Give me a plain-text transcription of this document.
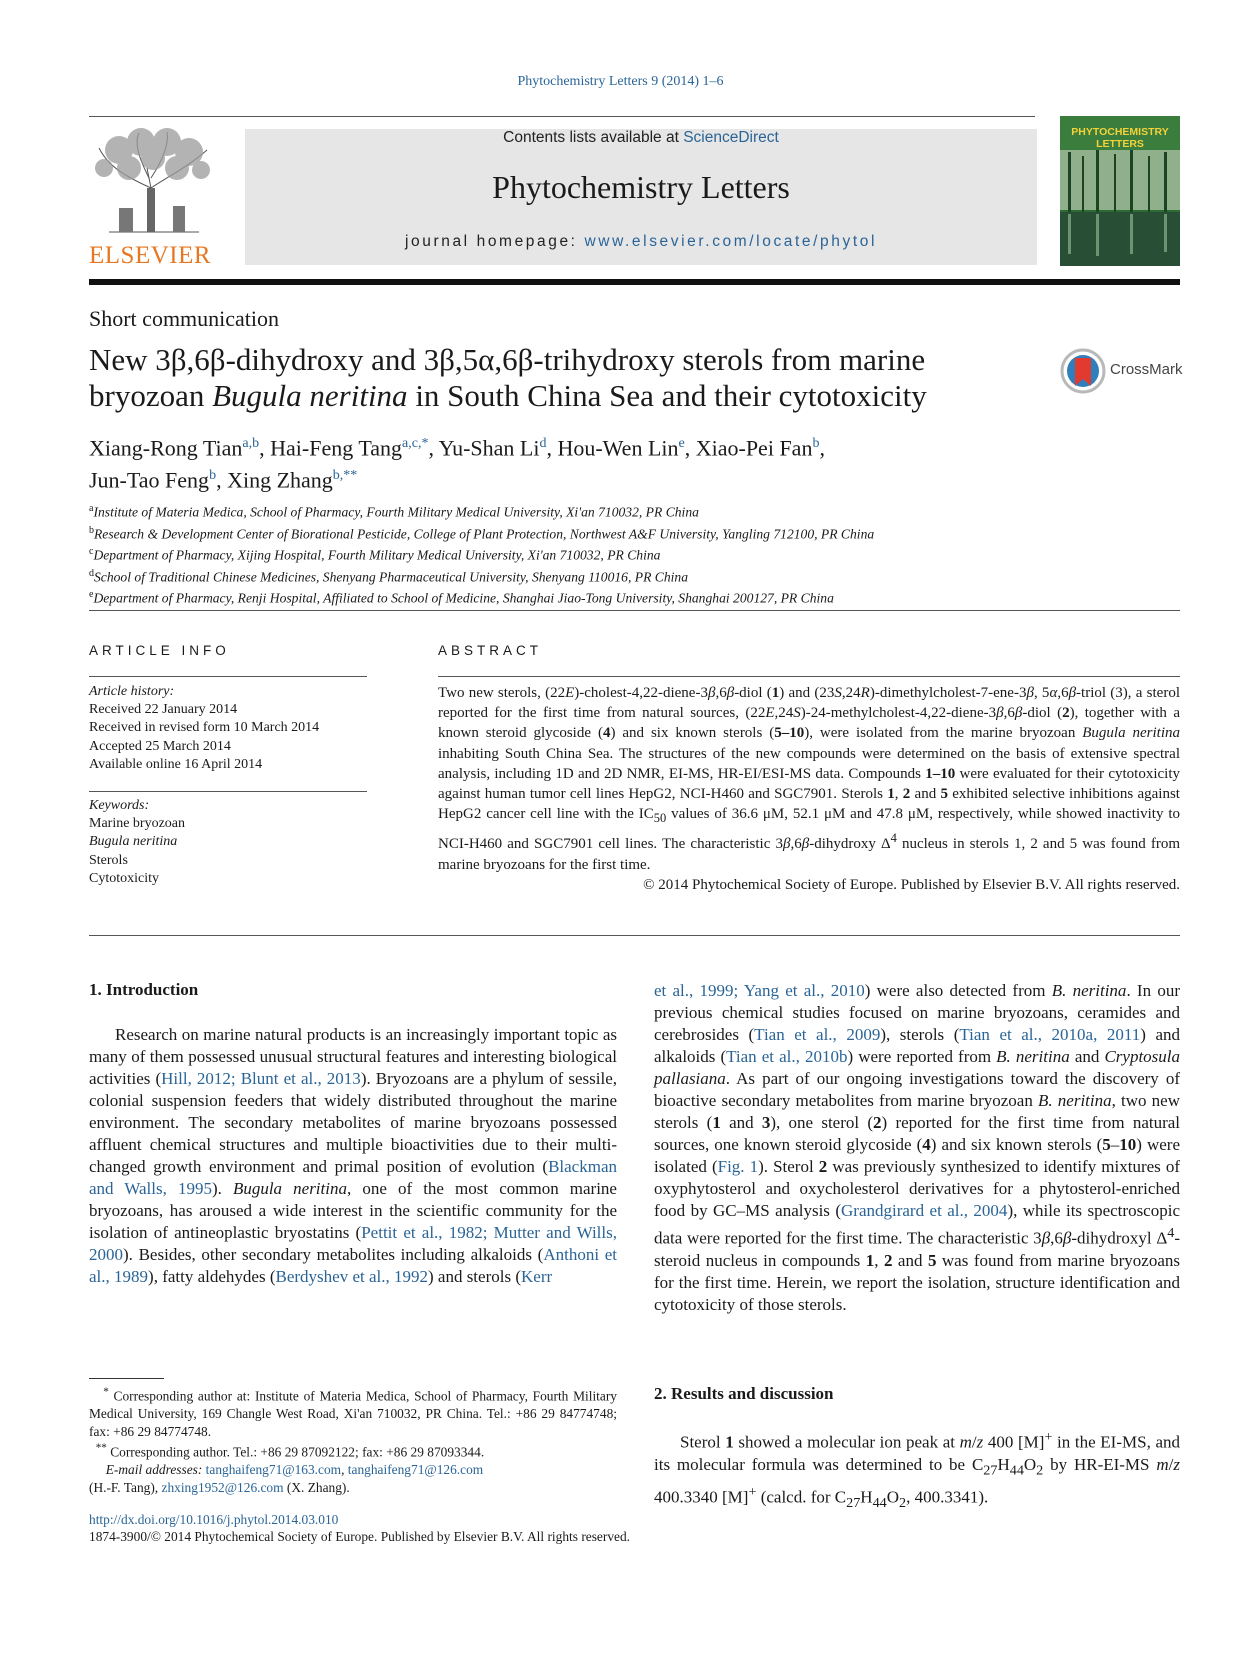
Phytochemistry Letters 9 (2014) 1–6
ELSEVIER
Contents lists available at ScienceDirect
Phytochemistry Letters
journal homepage: www.elsevier.com/locate/phytol
PHYTOCHEMISTRY LETTERS
Short communication
New 3β,6β-dihydroxy and 3β,5α,6β-trihydroxy sterols from marine
bryozoan Bugula neritina in South China Sea and their cytotoxicity
CrossMark
Xiang-Rong Tian$^{a,b}$, Hai-Feng Tang$^{a,c,*}$, Yu-Shan Li$^d$, Hou-Wen Lin$^e$, Xiao-Pei Fan$^b$,
Jun-Tao Feng$^b$, Xing Zhang$^{b,**}$
$^a$Institute of Materia Medica, School of Pharmacy, Fourth Military Medical University, Xi'an 710032, PR China
$^b$Research & Development Center of Biorational Pesticide, College of Plant Protection, Northwest A&F University, Yangling 712100, PR China
$^c$Department of Pharmacy, Xijing Hospital, Fourth Military Medical University, Xi'an 710032, PR China
$^d$School of Traditional Chinese Medicines, Shenyang Pharmaceutical University, Shenyang 110016, PR China
$^e$Department of Pharmacy, Renji Hospital, Affiliated to School of Medicine, Shanghai Jiao-Tong University, Shanghai 200127, PR China
ARTICLE INFO	ABSTRACT
Article history:
Received 22 January 2014
Received in revised form 10 March 2014
Accepted 25 March 2014
Available online 16 April 2014
Keywords:
Marine bryozoan
Bugula neritina
Sterols
Cytotoxicity
Two new sterols, (22E)-cholest-4,22-diene-3β,6β-diol (1) and (23S,24R)-dimethylcholest-7-ene-3β, 5α,6β-triol (3), a sterol reported for the first time from natural sources, (22E,24S)-24-methylcholest-4,22-diene-3β,6β-diol (2), together with a known steroid glycoside (4) and six known sterols (5–10), were isolated from the marine bryozoan Bugula neritina inhabiting South China Sea. The structures of the new compounds were determined on the basis of extensive spectral analysis, including 1D and 2D NMR, EI-MS, HR-EI/ESI-MS data. Compounds 1–10 were evaluated for their cytotoxicity against human tumor cell lines HepG2, NCI-H460 and SGC7901. Sterols 1, 2 and 5 exhibited selective inhibitions against HepG2 cancer cell line with the $IC_{50}$ values of 36.6 μM, 52.1 μM and 47.8 μM, respectively, while showed inactivity to NCI-H460 and SGC7901 cell lines. The characteristic 3β,6β-dihydroxy $\Delta^4$ nucleus in sterols 1, 2 and 5 was found from marine bryozoans for the first time.
© 2014 Phytochemical Society of Europe. Published by Elsevier B.V. All rights reserved.
1. Introduction

Research on marine natural products is an increasingly important topic as many of them possessed unusual structural features and interesting biological activities (Hill, 2012; Blunt et al., 2013). Bryozoans are a phylum of sessile, colonial suspension feeders that widely distributed throughout the marine environment. The secondary metabolites of marine bryozoans possessed affluent chemical structures and multiple bioactivities due to their multi-changed growth environment and primal position of evolution (Blackman and Walls, 1995). Bugula neritina, one of the most common marine bryozoans, has aroused a wide interest in the scientific community for the isolation of antineoplastic bryostatins (Pettit et al., 1982; Mutter and Wills, 2000). Besides, other secondary metabolites including alkaloids (Anthoni et al., 1989), fatty aldehydes (Berdyshev et al., 1992) and sterols (Kerr

* Corresponding author at: Institute of Materia Medica, School of Pharmacy, Fourth Military Medical University, 169 Changle West Road, Xi'an 710032, PR China. Tel.: +86 29 84774748; fax: +86 29 84774748.
** Corresponding author. Tel.: +86 29 87092122; fax: +86 29 87093344.
E-mail addresses: tanghaifeng71@163.com, tanghaifeng71@126.com
(H.-F. Tang), zhxing1952@126.com (X. Zhang).

et al., 1999; Yang et al., 2010) were also detected from B. neritina. In our previous chemical studies focused on marine bryozoans, ceramides and cerebrosides (Tian et al., 2009), sterols (Tian et al., 2010a, 2011) and alkaloids (Tian et al., 2010b) were reported from B. neritina and Cryptosula pallasiana. As part of our ongoing investigations toward the discovery of bioactive secondary metabolites from marine bryozoan B. neritina, two new sterols (1 and 3), one sterol (2) reported for the first time from natural sources, one known steroid glycoside (4) and six known sterols (5–10) were isolated (Fig. 1). Sterol 2 was previously synthesized to identify mixtures of oxyphytosterol and oxycholesterol derivatives for a phytosterol-enriched food by GC–MS analysis (Grandgirard et al., 2004), while its spectroscopic data were reported for the first time. The characteristic 3β,6β-dihydroxyl $\Delta^4$-steroid nucleus in compounds 1, 2 and 5 was found from marine bryozoans for the first time. Herein, we report the isolation, structure identification and cytotoxicity of those sterols.

2. Results and discussion

Sterol 1 showed a molecular ion peak at m/z 400 [M]+ in the EI-MS, and its molecular formula was determined to be $C_{27}H_{44}O_2$ by HR-EI-MS m/z 400.3340 [M]+ (calcd. for $C_{27}H_{44}O_2$, 400.3341).

http://dx.doi.org/10.1016/j.phytol.2014.03.010
1874-3900/© 2014 Phytochemical Society of Europe. Published by Elsevier B.V. All rights reserved.
